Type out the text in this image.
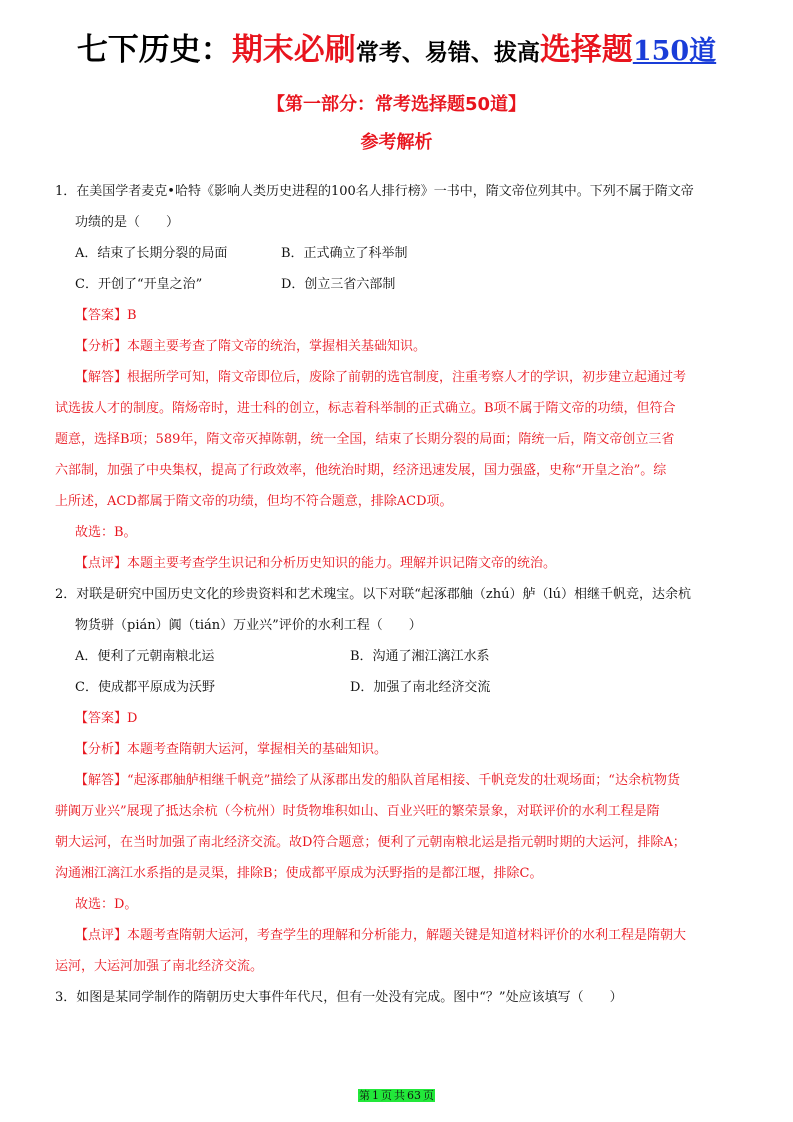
七下历史：期末必刷常考、易错、拔高选择题150道
【第一部分：常考选择题50道】
参考解析

1．在美国学者麦克•哈特《影响人类历史进程的100名人排行榜》一书中，隋文帝位列其中。下列不属于隋文帝

功绩的是（　　）

A．结束了长期分裂的局面	B．正式确立了科举制
C．开创了“开皇之治”	D．创立三省六部制

【答案】B

【分析】本题主要考查了隋文帝的统治，掌握相关基础知识。

【解答】根据所学可知，隋文帝即位后，废除了前朝的选官制度，注重考察人才的学识，初步建立起通过考

试选拔人才的制度。隋炀帝时，进士科的创立，标志着科举制的正式确立。B项不属于隋文帝的功绩，但符合

题意，选择B项；589年，隋文帝灭掉陈朝，统一全国，结束了长期分裂的局面；隋统一后，隋文帝创立三省

六部制，加强了中央集权，提高了行政效率，他统治时期，经济迅速发展，国力强盛，史称“开皇之治”。综

上所述，ACD都属于隋文帝的功绩，但均不符合题意，排除ACD项。

故选：B。

【点评】本题主要考查学生识记和分析历史知识的能力。理解并识记隋文帝的统治。

2．对联是研究中国历史文化的珍贵资料和艺术瑰宝。以下对联“起涿郡舳（zhú）舻（lú）相继千帆竞，达余杭

物货骈（pián）阗（tián）万业兴”评价的水利工程（　　）

A．便利了元朝南粮北运	B．沟通了湘江漓江水系
C．使成都平原成为沃野	D．加强了南北经济交流

【答案】D

【分析】本题考查隋朝大运河，掌握相关的基础知识。

【解答】“起涿郡舳舻相继千帆竞”描绘了从涿郡出发的船队首尾相接、千帆竞发的壮观场面；“达余杭物货

骈阗万业兴”展现了抵达余杭（今杭州）时货物堆积如山、百业兴旺的繁荣景象，对联评价的水利工程是隋

朝大运河，在当时加强了南北经济交流。故D符合题意；便利了元朝南粮北运是指元朝时期的大运河，排除A；

沟通湘江漓江水系指的是灵渠，排除B；使成都平原成为沃野指的是都江堰，排除C。

故选：D。

【点评】本题考查隋朝大运河，考查学生的理解和分析能力，解题关键是知道材料评价的水利工程是隋朝大

运河，大运河加强了南北经济交流。

3．如图是某同学制作的隋朝历史大事件年代尺，但有一处没有完成。图中“？”处应该填写（　　）

第 1 页 共 63 页
